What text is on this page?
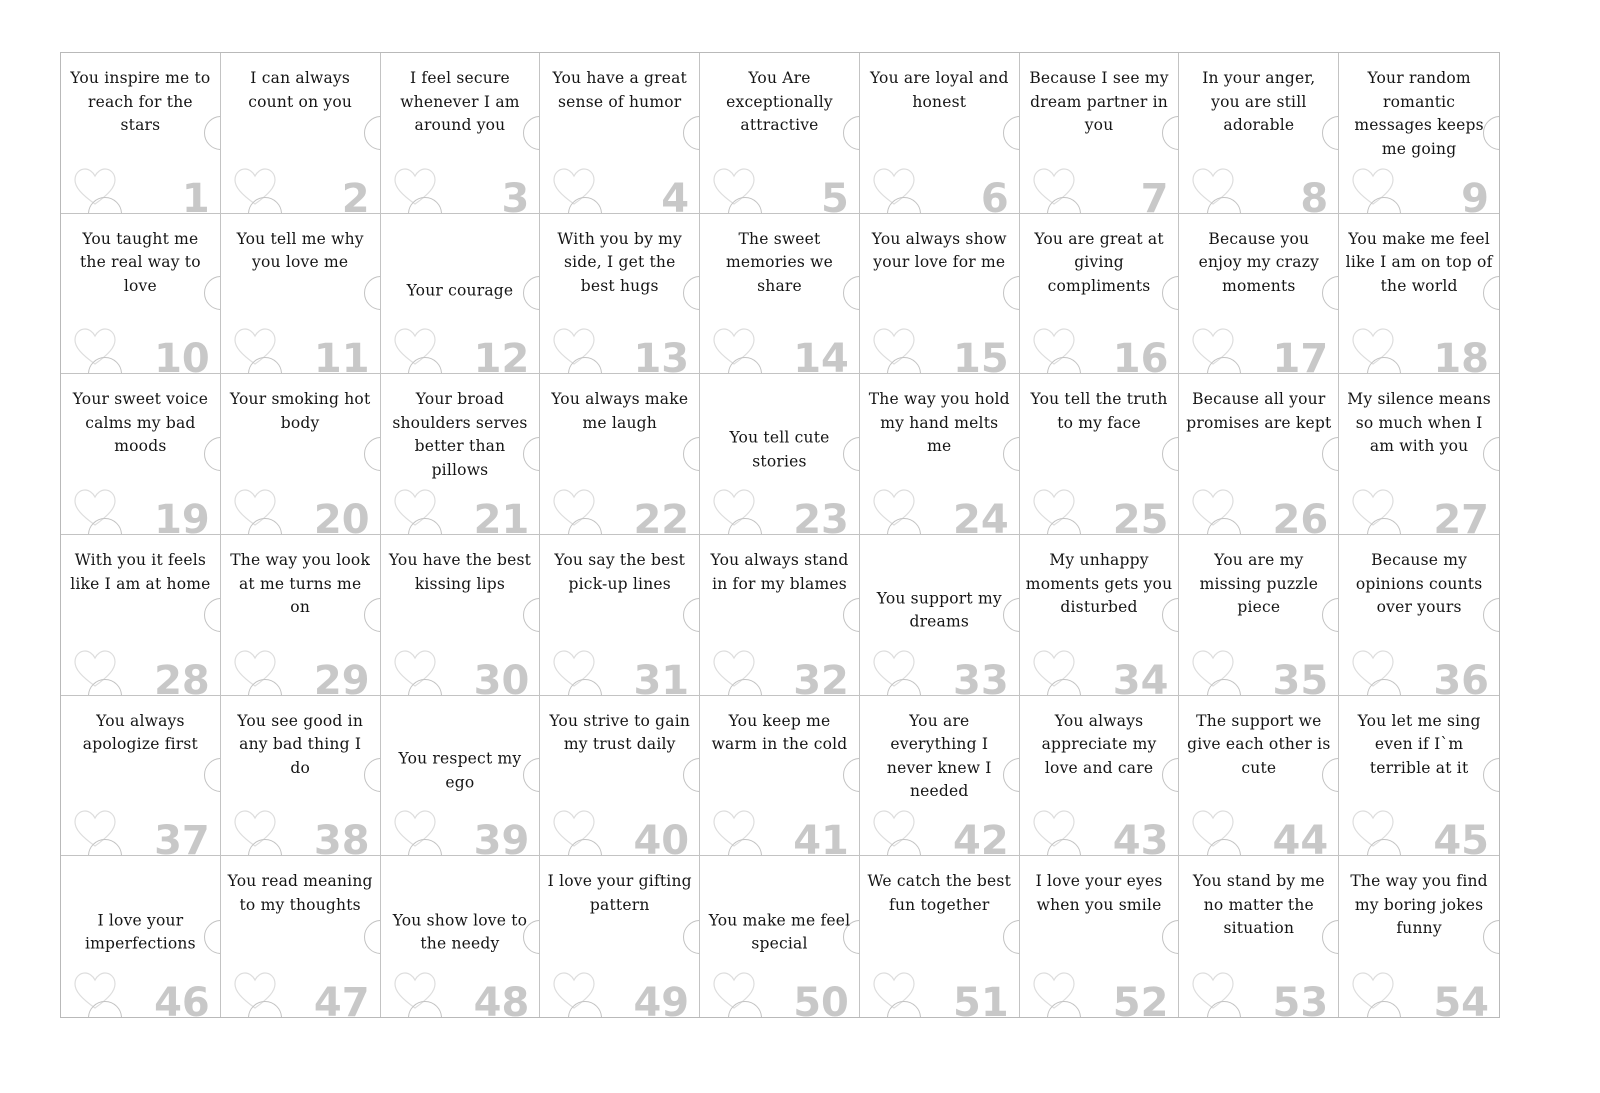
You inspire me to reach for the stars
1
I can always count on you
2
I feel secure whenever I am around you
3
You have a great sense of humor
4
You Are exceptionally attractive
5
You are loyal and honest
6
Because I see my dream partner in you
7
In your anger, you are still adorable
8
Your random romantic messages keeps me going
9
You taught me the real way to love
10
You tell me why you love me
11
Your courage
12
With you by my side, I get the best hugs
13
The sweet memories we share
14
You always show your love for me
15
You are great at giving compliments
16
Because you enjoy my crazy moments
17
You make me feel like I am on top of the world
18
Your sweet voice calms my bad moods
19
Your smoking hot body
20
Your broad shoulders serves better than pillows
21
You always make me laugh
22
You tell cute stories
23
The way you hold my hand melts me
24
You tell the truth to my face
25
Because all your promises are kept
26
My silence means so much when I am with you
27
With you it feels like I am at home
28
The way you look at me turns me on
29
You have the best kissing lips
30
You say the best pick-up lines
31
You always stand in for my blames
32
You support my dreams
33
My unhappy moments gets you disturbed
34
You are my missing puzzle piece
35
Because my opinions counts over yours
36
You always apologize first
37
You see good in any bad thing I do
38
You respect my ego
39
You strive to gain my trust daily
40
You keep me warm in the cold
41
You are everything I never knew I needed
42
You always appreciate my love and care
43
The support we give each other is cute
44
You let me sing even if I`m terrible at it
45
I love your imperfections
46
You read meaning to my thoughts
47
You show love to the needy
48
I love your gifting pattern
49
You make me feel special
50
We catch the best fun together
51
I love your eyes when you smile
52
You stand by me no matter the situation
53
The way you find my boring jokes funny
54
